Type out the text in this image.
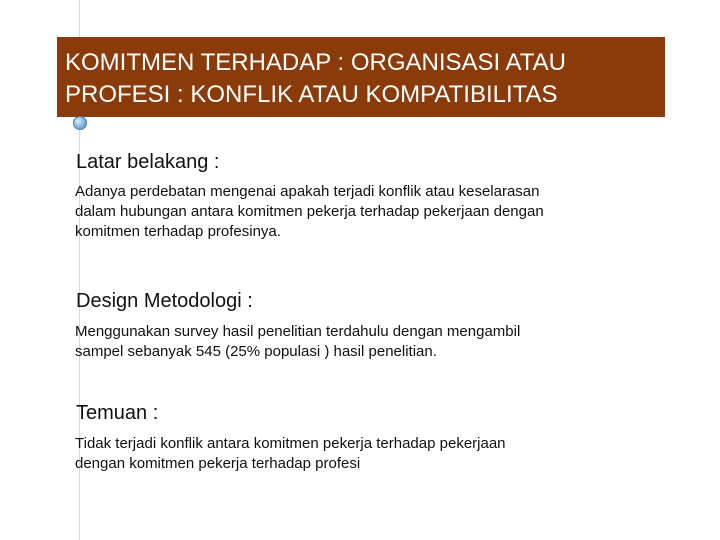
KOMITMEN TERHADAP : ORGANISASI ATAU
PROFESI : KONFLIK ATAU KOMPATIBILITAS
Latar belakang :
Adanya perdebatan mengenai apakah terjadi konflik atau keselarasan
dalam hubungan antara komitmen pekerja terhadap pekerjaan dengan
komitmen terhadap profesinya.
Design Metodologi :
Menggunakan survey hasil penelitian terdahulu dengan mengambil
sampel sebanyak 545 (25% populasi ) hasil penelitian.
Temuan :
Tidak terjadi konflik antara komitmen pekerja terhadap pekerjaan
dengan komitmen pekerja terhadap profesi
